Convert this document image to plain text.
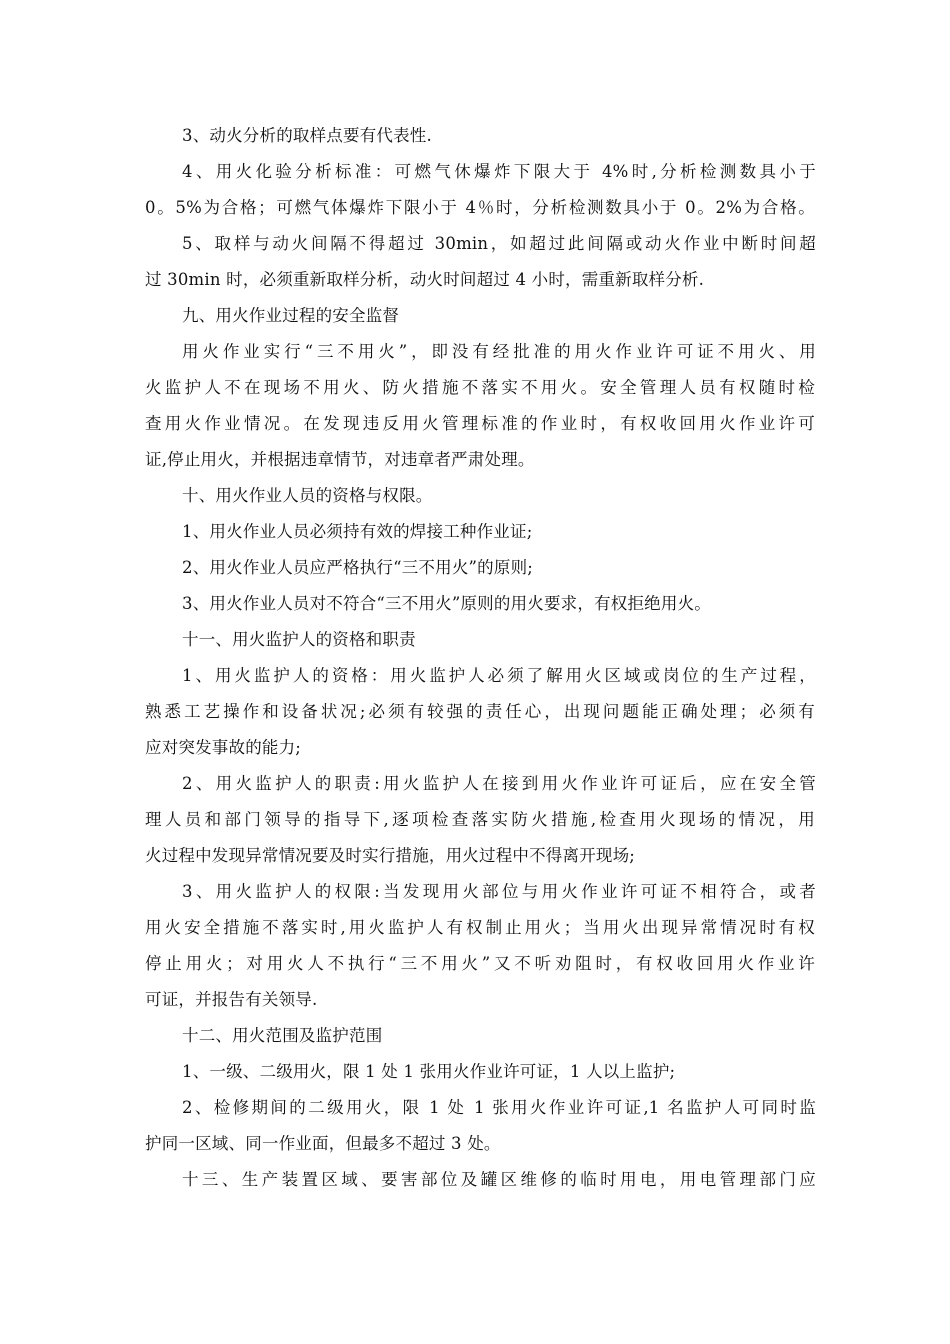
3、动火分析的取样点要有代表性.
4、用火化验分析标准：可燃气休爆炸下限大于 4%时,分析检测数具小于
0。5%为合格；可燃气体爆炸下限小于 4％时，分析检测数具小于 0。2%为合格。
5、取样与动火间隔不得超过 30min，如超过此间隔或动火作业中断时间超
过 30min 时，必须重新取样分析，动火时间超过 4 小时，需重新取样分析.
九、用火作业过程的安全监督
用火作业实行“三不用火”，即没有经批准的用火作业许可证不用火、用
火监护人不在现场不用火、防火措施不落实不用火。安全管理人员有权随时检
查用火作业情况。在发现违反用火管理标准的作业时，有权收回用火作业许可
证,停止用火，并根据违章情节，对违章者严肃处理。
十、用火作业人员的资格与权限。
1、用火作业人员必须持有效的焊接工种作业证;
2、用火作业人员应严格执行“三不用火”的原则;
3、用火作业人员对不符合“三不用火”原则的用火要求，有权拒绝用火。
十一、用火监护人的资格和职责
1、用火监护人的资格：用火监护人必须了解用火区域或岗位的生产过程，
熟悉工艺操作和设备状况;必须有较强的责任心，出现问题能正确处理；必须有
应对突发事故的能力;
2、用火监护人的职责:用火监护人在接到用火作业许可证后，应在安全管
理人员和部门领导的指导下,逐项检查落实防火措施,检查用火现场的情况，用
火过程中发现异常情况要及时实行措施，用火过程中不得离开现场;
3、用火监护人的权限:当发现用火部位与用火作业许可证不相符合，或者
用火安全措施不落实时,用火监护人有权制止用火；当用火出现异常情况时有权
停止用火；对用火人不执行“三不用火”又不听劝阻时，有权收回用火作业许
可证，并报告有关领导.
十二、用火范围及监护范围
1、一级、二级用火，限 1 处 1 张用火作业许可证，1 人以上监护;
2、检修期间的二级用火，限 1 处 1 张用火作业许可证,1 名监护人可同时监
护同一区域、同一作业面，但最多不超过 3 处。
十三、生产装置区域、要害部位及罐区维修的临时用电，用电管理部门应
